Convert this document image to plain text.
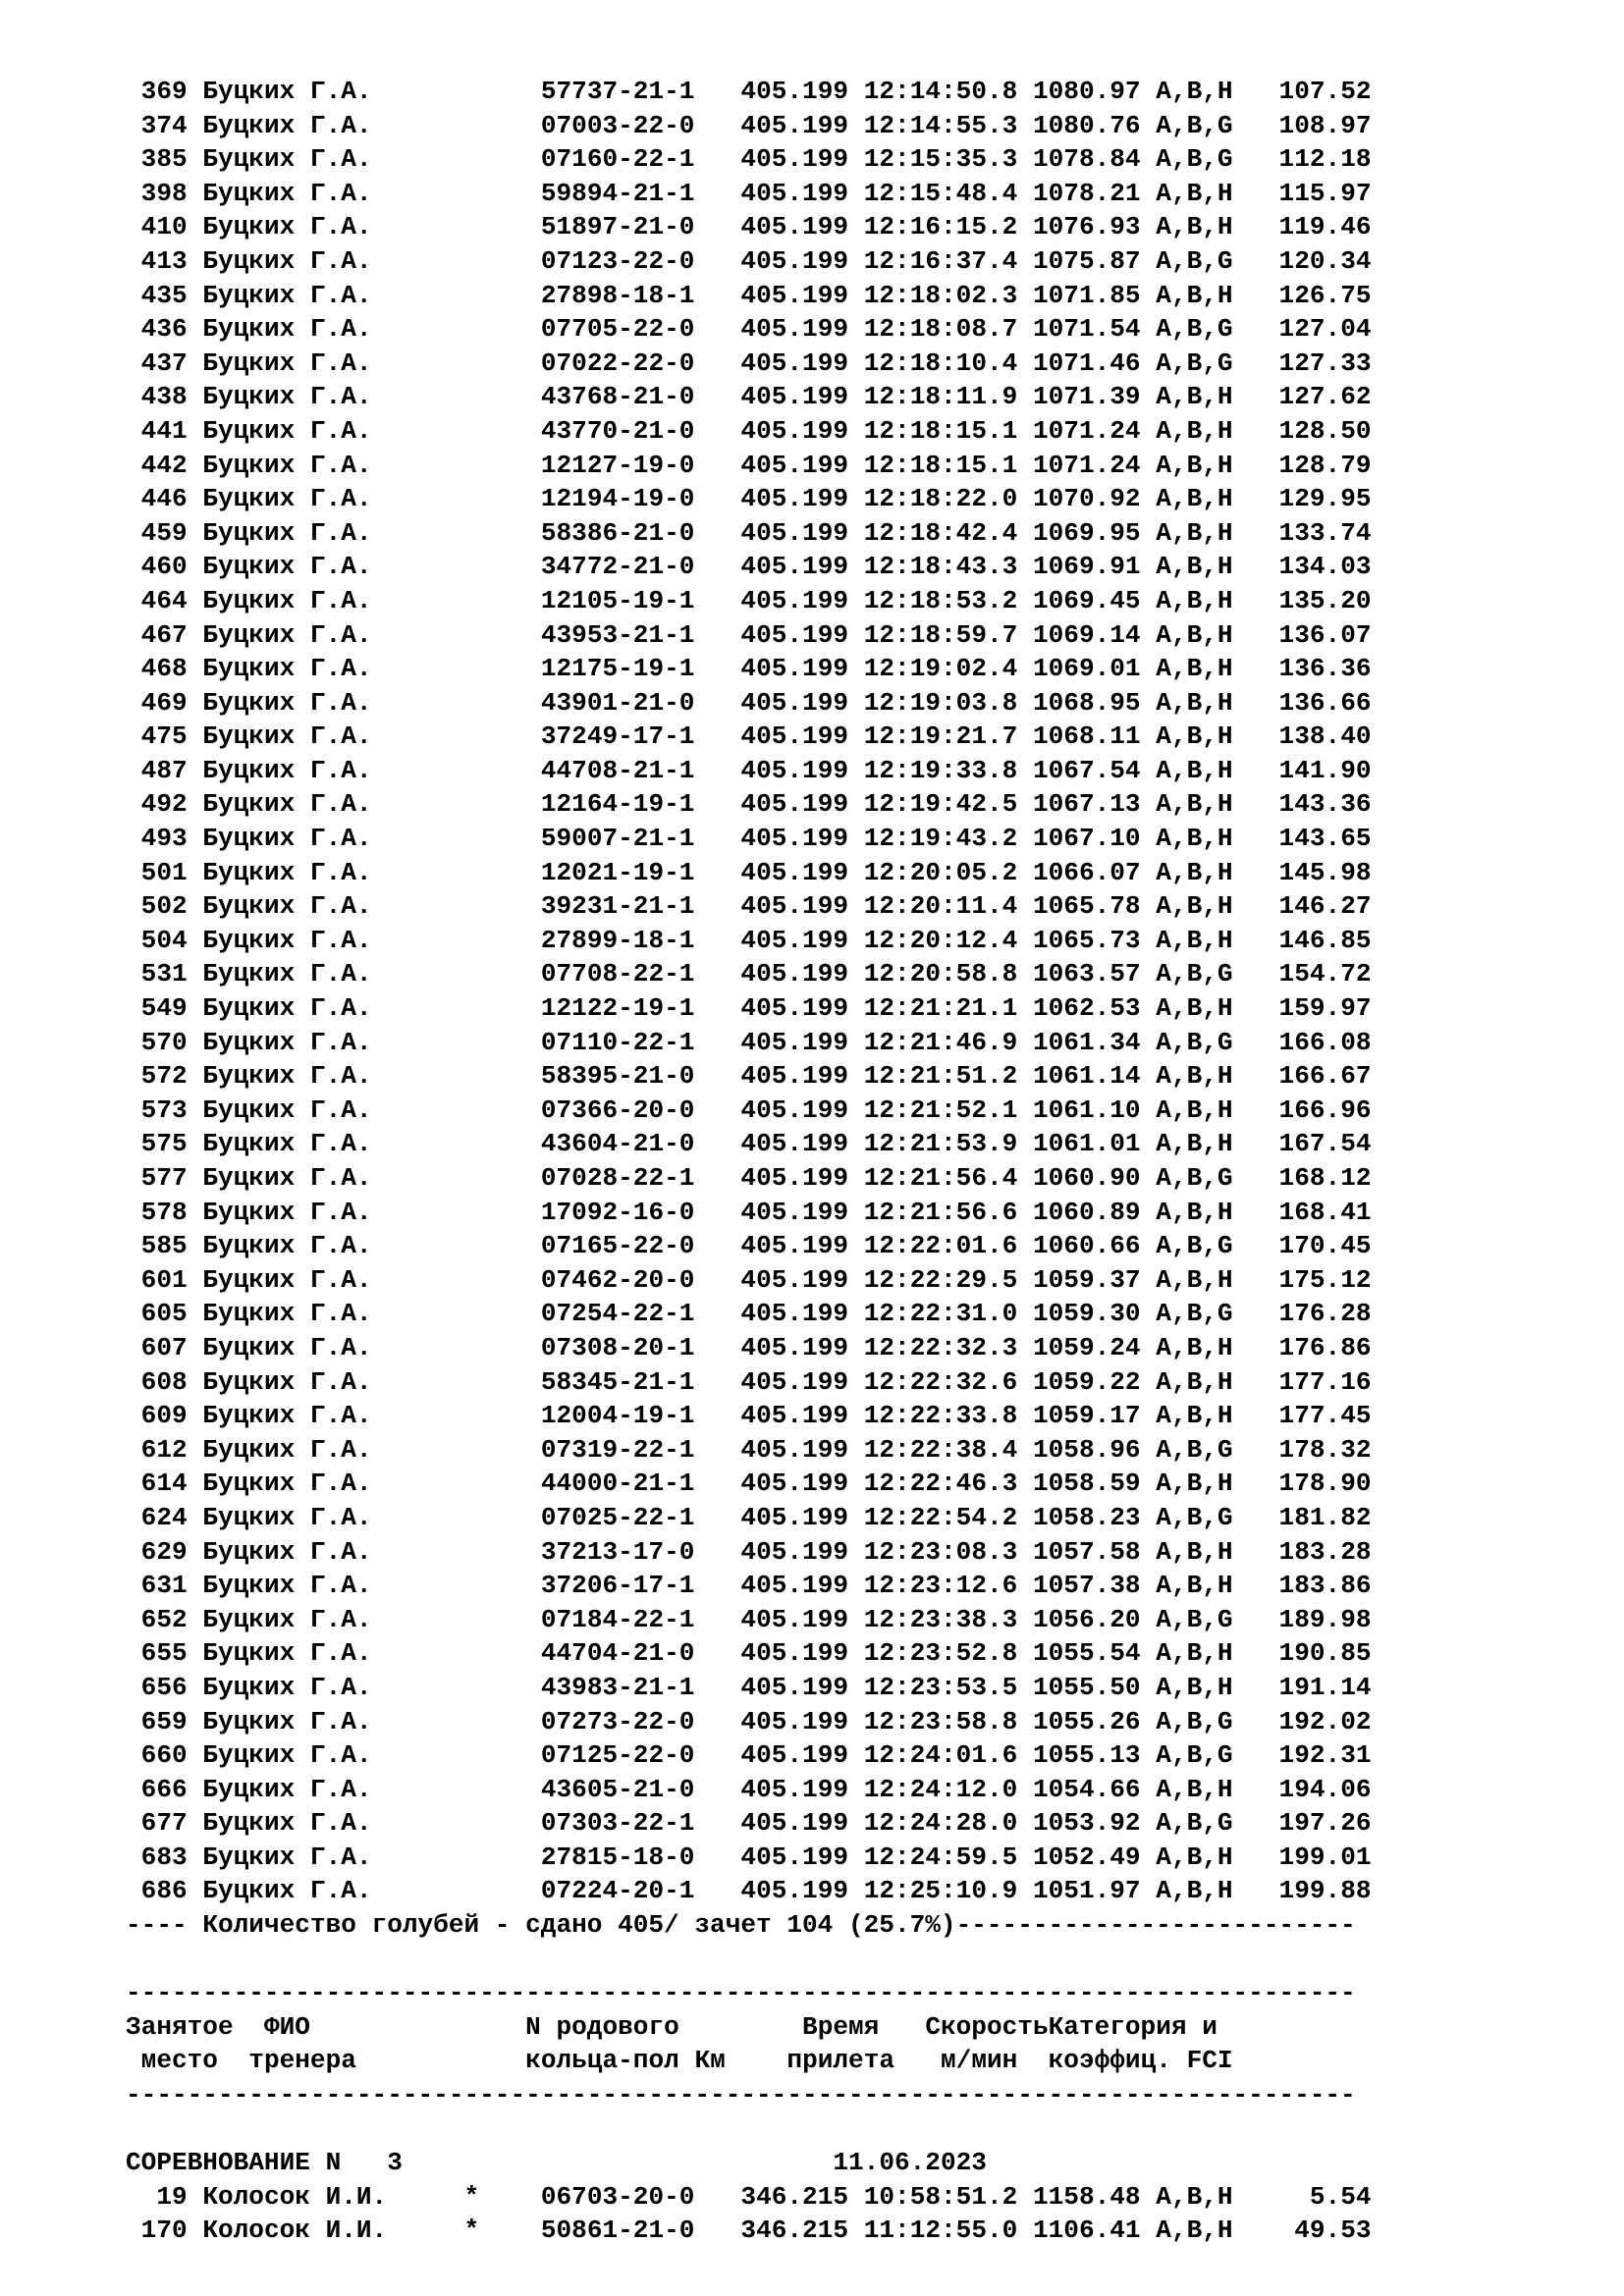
369 Буцких Г.А.	57737-21-1 405.199 12:14:50.8 1080.97 A,B,H   107.52
374 Буцких Г.А.	07003-22-0 405.199 12:14:55.3 1080.76 A,B,G   108.97
385 Буцких Г.А.	07160-22-1 405.199 12:15:35.3 1078.84 A,B,G   112.18
398 Буцких Г.А.	59894-21-1 405.199 12:15:48.4 1078.21 A,B,H   115.97
410 Буцких Г.А.	51897-21-0 405.199 12:16:15.2 1076.93 A,B,H   119.46
413 Буцких Г.А.	07123-22-0 405.199 12:16:37.4 1075.87 A,B,G   120.34
435 Буцких Г.А.	27898-18-1 405.199 12:18:02.3 1071.85 A,B,H   126.75
436 Буцких Г.А.	07705-22-0 405.199 12:18:08.7 1071.54 A,B,G   127.04
437 Буцких Г.А.	07022-22-0 405.199 12:18:10.4 1071.46 A,B,G   127.33
438 Буцких Г.А.	43768-21-0 405.199 12:18:11.9 1071.39 A,B,H   127.62
441 Буцких Г.А.	43770-21-0 405.199 12:18:15.1 1071.24 A,B,H   128.50
442 Буцких Г.А.	12127-19-0 405.199 12:18:15.1 1071.24 A,B,H   128.79
446 Буцких Г.А.	12194-19-0 405.199 12:18:22.0 1070.92 A,B,H   129.95
459 Буцких Г.А.	58386-21-0 405.199 12:18:42.4 1069.95 A,B,H   133.74
460 Буцких Г.А.	34772-21-0 405.199 12:18:43.3 1069.91 A,B,H   134.03
464 Буцких Г.А.	12105-19-1 405.199 12:18:53.2 1069.45 A,B,H   135.20
467 Буцких Г.А.	43953-21-1 405.199 12:18:59.7 1069.14 A,B,H   136.07
468 Буцких Г.А.	12175-19-1 405.199 12:19:02.4 1069.01 A,B,H   136.36
469 Буцких Г.А.	43901-21-0 405.199 12:19:03.8 1068.95 A,B,H   136.66
475 Буцких Г.А.	37249-17-1 405.199 12:19:21.7 1068.11 A,B,H   138.40
487 Буцких Г.А.	44708-21-1 405.199 12:19:33.8 1067.54 A,B,H   141.90
492 Буцких Г.А.	12164-19-1 405.199 12:19:42.5 1067.13 A,B,H   143.36
493 Буцких Г.А.	59007-21-1 405.199 12:19:43.2 1067.10 A,B,H   143.65
501 Буцких Г.А.	12021-19-1 405.199 12:20:05.2 1066.07 A,B,H   145.98
502 Буцких Г.А.	39231-21-1 405.199 12:20:11.4 1065.78 A,B,H   146.27
504 Буцких Г.А.	27899-18-1 405.199 12:20:12.4 1065.73 A,B,H   146.85
531 Буцких Г.А.	07708-22-1 405.199 12:20:58.8 1063.57 A,B,G   154.72
549 Буцких Г.А.	12122-19-1 405.199 12:21:21.1 1062.53 A,B,H   159.97
570 Буцких Г.А.	07110-22-1 405.199 12:21:46.9 1061.34 A,B,G   166.08
572 Буцких Г.А.	58395-21-0 405.199 12:21:51.2 1061.14 A,B,H   166.67
573 Буцких Г.А.	07366-20-0 405.199 12:21:52.1 1061.10 A,B,H   166.96
575 Буцких Г.А.	43604-21-0 405.199 12:21:53.9 1061.01 A,B,H   167.54
577 Буцких Г.А.	07028-22-1 405.199 12:21:56.4 1060.90 A,B,G   168.12
578 Буцких Г.А.	17092-16-0 405.199 12:21:56.6 1060.89 A,B,H   168.41
585 Буцких Г.А.	07165-22-0 405.199 12:22:01.6 1060.66 A,B,G   170.45
601 Буцких Г.А.	07462-20-0 405.199 12:22:29.5 1059.37 A,B,H   175.12
605 Буцких Г.А.	07254-22-1 405.199 12:22:31.0 1059.30 A,B,G   176.28
607 Буцких Г.А.	07308-20-1 405.199 12:22:32.3 1059.24 A,B,H   176.86
608 Буцких Г.А.	58345-21-1 405.199 12:22:32.6 1059.22 A,B,H   177.16
609 Буцких Г.А.	12004-19-1 405.199 12:22:33.8 1059.17 A,B,H   177.45
612 Буцких Г.А.	07319-22-1 405.199 12:22:38.4 1058.96 A,B,G   178.32
614 Буцких Г.А.	44000-21-1 405.199 12:22:46.3 1058.59 A,B,H   178.90
624 Буцких Г.А.	07025-22-1 405.199 12:22:54.2 1058.23 A,B,G   181.82
629 Буцких Г.А.	37213-17-0 405.199 12:23:08.3 1057.58 A,B,H   183.28
631 Буцких Г.А.	37206-17-1 405.199 12:23:12.6 1057.38 A,B,H   183.86
652 Буцких Г.А.	07184-22-1 405.199 12:23:38.3 1056.20 A,B,G   189.98
655 Буцких Г.А.	44704-21-0 405.199 12:23:52.8 1055.54 A,B,H   190.85
656 Буцких Г.А.	43983-21-1 405.199 12:23:53.5 1055.50 A,B,H   191.14
659 Буцких Г.А.	07273-22-0 405.199 12:23:58.8 1055.26 A,B,G   192.02
660 Буцких Г.А.	07125-22-0 405.199 12:24:01.6 1055.13 A,B,G   192.31
666 Буцких Г.А.	43605-21-0 405.199 12:24:12.0 1054.66 A,B,H   194.06
677 Буцких Г.А.	07303-22-1 405.199 12:24:28.0 1053.92 A,B,G   197.26
683 Буцких Г.А.	27815-18-0 405.199 12:24:59.5 1052.49 A,B,H   199.01
686 Буцких Г.А.	07224-20-1 405.199 12:25:10.9 1051.97 A,B,H   199.88
---- Количество голубей - сдано 405/ зачет 104 (25.7%)--------------------------
--------------------------------------------------------------------------------
Занятое ФИО	N родового	Время СкоростьКатегория и
место тренера	кольца-пол Км прилета м/мин коэффиц. FCI
--------------------------------------------------------------------------------
СОРЕВНОВАНИЕ N 3	11.06.2023
19 Колосок И.И.     * 06703-20-0 346.215 10:58:51.2 1158.48 A,B,H     5.54
170 Колосок И.И.     * 50861-21-0 346.215 11:12:55.0 1106.41 A,B,H    49.53
